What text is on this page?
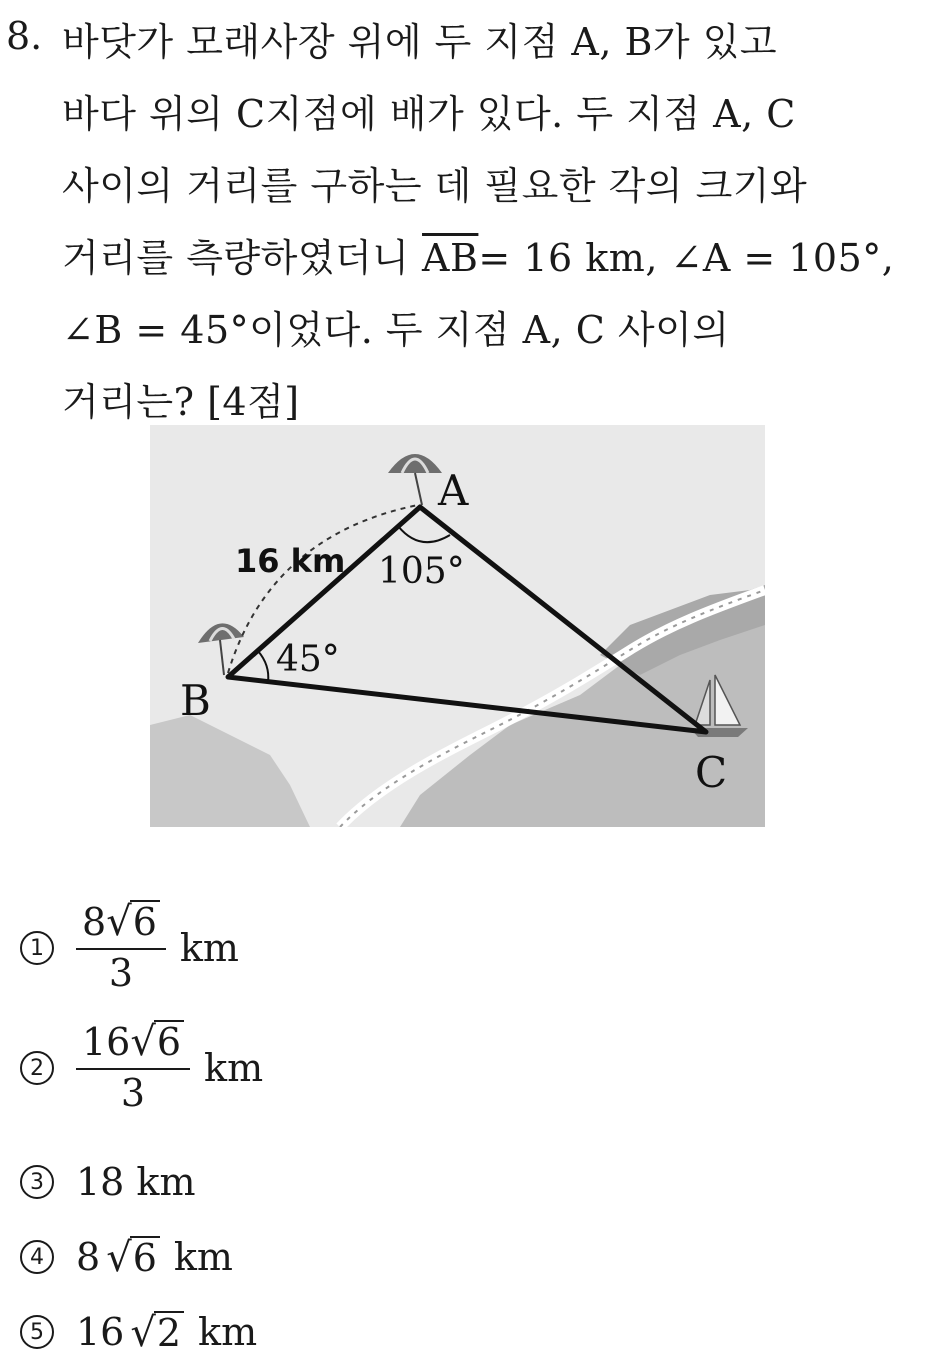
8. 바닷가 모래사장 위에 두 지점 A, B가 있고
바다 위의 C지점에 배가 있다. 두 지점 A, C
사이의 거리를 구하는 데 필요한 각의 크기와
거리를 측량하였더니 $\overline{AB}= 16$ km, ∠A = 105°,
∠B = 45°이었다. 두 지점 A, C 사이의
거리는? [4점]
A
B
C
16 km 105°
45°
$1 \frac{8 √ 6}{3}$ km
$2 \frac{16 √ 6}{3}$ km
3 18 km
4 8 √ 6 km
5 16 √ 2 km
